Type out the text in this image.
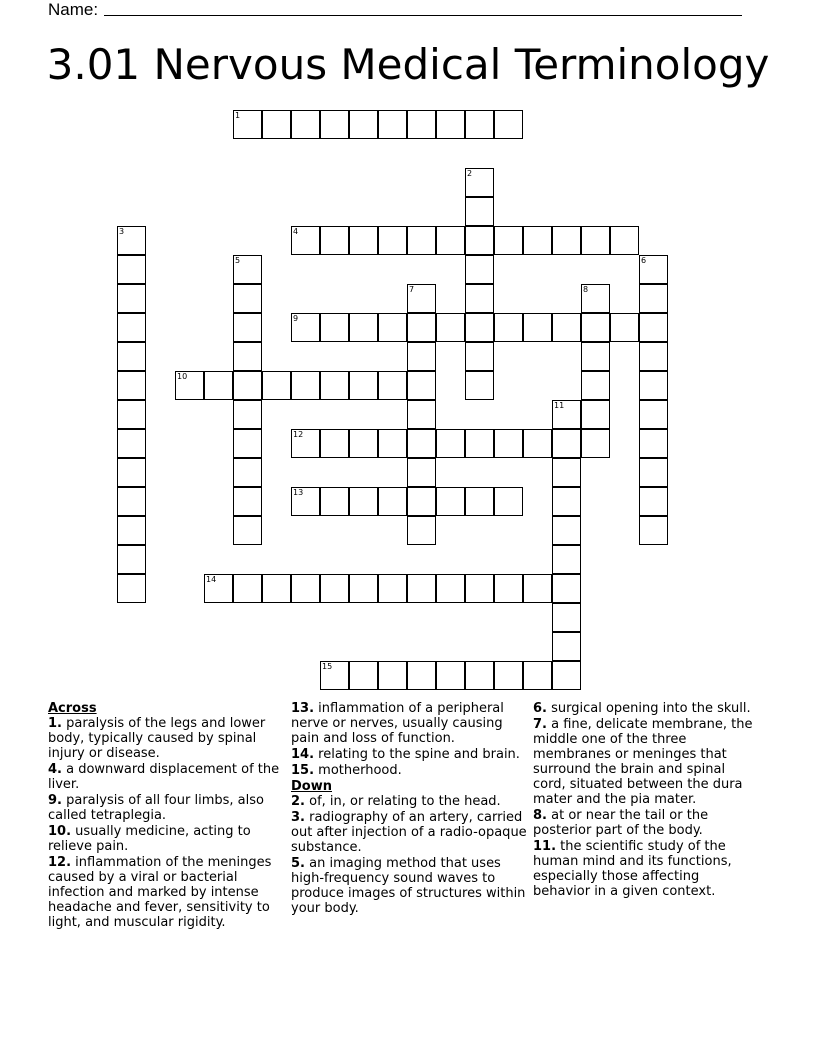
Name:
3.01 Nervous Medical Terminology
1
2
3	4
5	6
7	8
9
10
11
12
13
14
15
Across
1. paralysis of the legs and lower body, typically caused by spinal injury or disease.
4. a downward displacement of the liver.
9. paralysis of all four limbs, also called tetraplegia.
10. usually medicine, acting to relieve pain.
12. inflammation of the meninges caused by a viral or bacterial infection and marked by intense headache and fever, sensitivity to light, and muscular rigidity.
13. inflammation of a peripheral nerve or nerves, usually causing pain and loss of function.
14. relating to the spine and brain.
15. motherhood.
Down
2. of, in, or relating to the head.
3. radiography of an artery, carried out after injection of a radio-opaque substance.
5. an imaging method that uses high-frequency sound waves to produce images of structures within your body.
6. surgical opening into the skull.
7. a fine, delicate membrane, the middle one of the three membranes or meninges that surround the brain and spinal cord, situated between the dura mater and the pia mater.
8. at or near the tail or the posterior part of the body.
11. the scientific study of the human mind and its functions, especially those affecting behavior in a given context.
